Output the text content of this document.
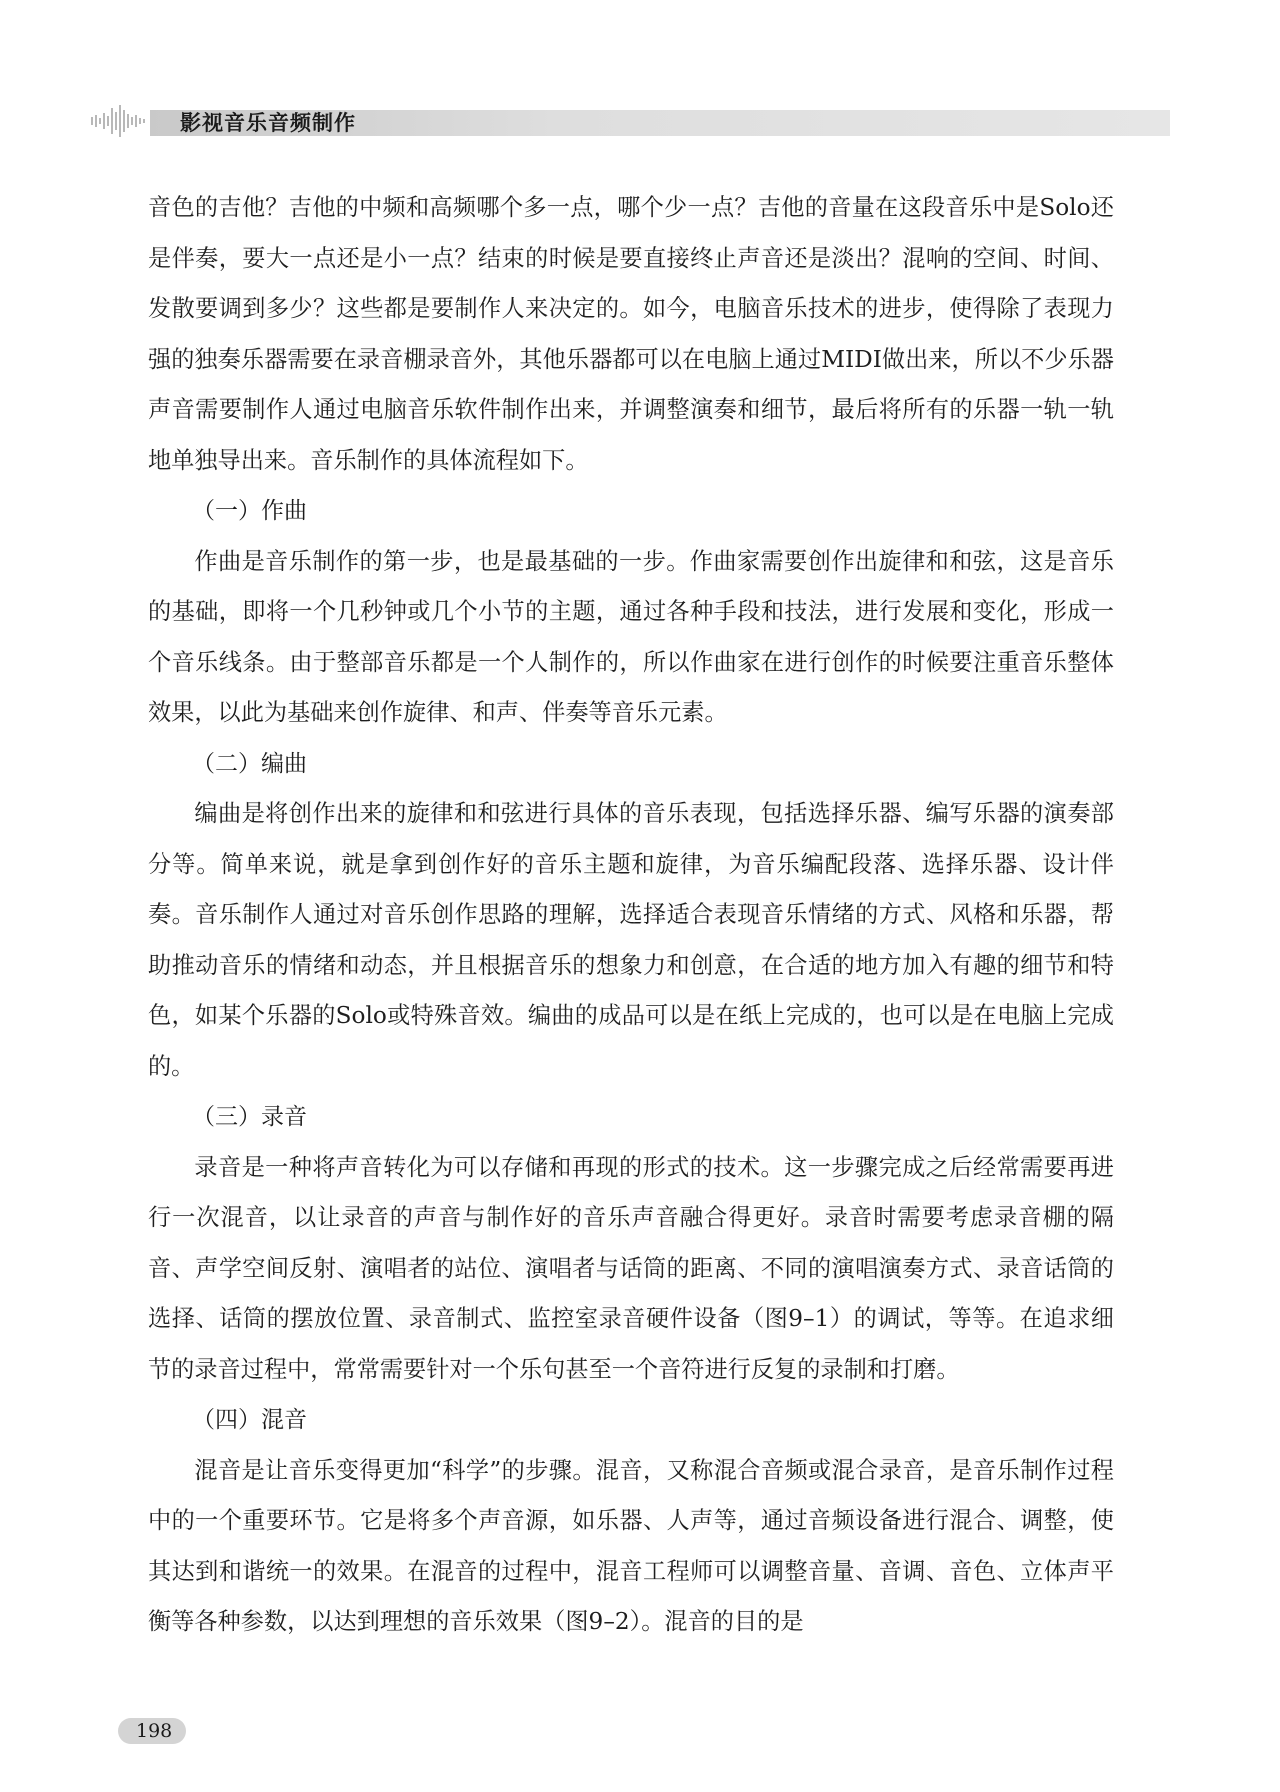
影视音乐音频制作

音色的吉他？吉他的中频和高频哪个多一点，哪个少一点？吉他的音量在这段音乐中是Solo还是伴奏，要大一点还是小一点？结束的时候是要直接终止声音还是淡出？混响的空间、时间、发散要调到多少？这些都是要制作人来决定的。如今，电脑音乐技术的进步，使得除了表现力强的独奏乐器需要在录音棚录音外，其他乐器都可以在电脑上通过MIDI做出来，所以不少乐器声音需要制作人通过电脑音乐软件制作出来，并调整演奏和细节，最后将所有的乐器一轨一轨地单独导出来。音乐制作的具体流程如下。

（一）作曲

作曲是音乐制作的第一步，也是最基础的一步。作曲家需要创作出旋律和和弦，这是音乐的基础，即将一个几秒钟或几个小节的主题，通过各种手段和技法，进行发展和变化，形成一个音乐线条。由于整部音乐都是一个人制作的，所以作曲家在进行创作的时候要注重音乐整体效果，以此为基础来创作旋律、和声、伴奏等音乐元素。

（二）编曲

编曲是将创作出来的旋律和和弦进行具体的音乐表现，包括选择乐器、编写乐器的演奏部分等。简单来说，就是拿到创作好的音乐主题和旋律，为音乐编配段落、选择乐器、设计伴奏。音乐制作人通过对音乐创作思路的理解，选择适合表现音乐情绪的方式、风格和乐器，帮助推动音乐的情绪和动态，并且根据音乐的想象力和创意，在合适的地方加入有趣的细节和特色，如某个乐器的Solo或特殊音效。编曲的成品可以是在纸上完成的，也可以是在电脑上完成的。

（三）录音

录音是一种将声音转化为可以存储和再现的形式的技术。这一步骤完成之后经常需要再进行一次混音，以让录音的声音与制作好的音乐声音融合得更好。录音时需要考虑录音棚的隔音、声学空间反射、演唱者的站位、演唱者与话筒的距离、不同的演唱演奏方式、录音话筒的选择、话筒的摆放位置、录音制式、监控室录音硬件设备（图9–1）的调试，等等。在追求细节的录音过程中，常常需要针对一个乐句甚至一个音符进行反复的录制和打磨。

（四）混音

混音是让音乐变得更加“科学”的步骤。混音，又称混合音频或混合录音，是音乐制作过程中的一个重要环节。它是将多个声音源，如乐器、人声等，通过音频设备进行混合、调整，使其达到和谐统一的效果。在混音的过程中，混音工程师可以调整音量、音调、音色、立体声平衡等各种参数，以达到理想的音乐效果（图9–2）。混音的目的是

198
